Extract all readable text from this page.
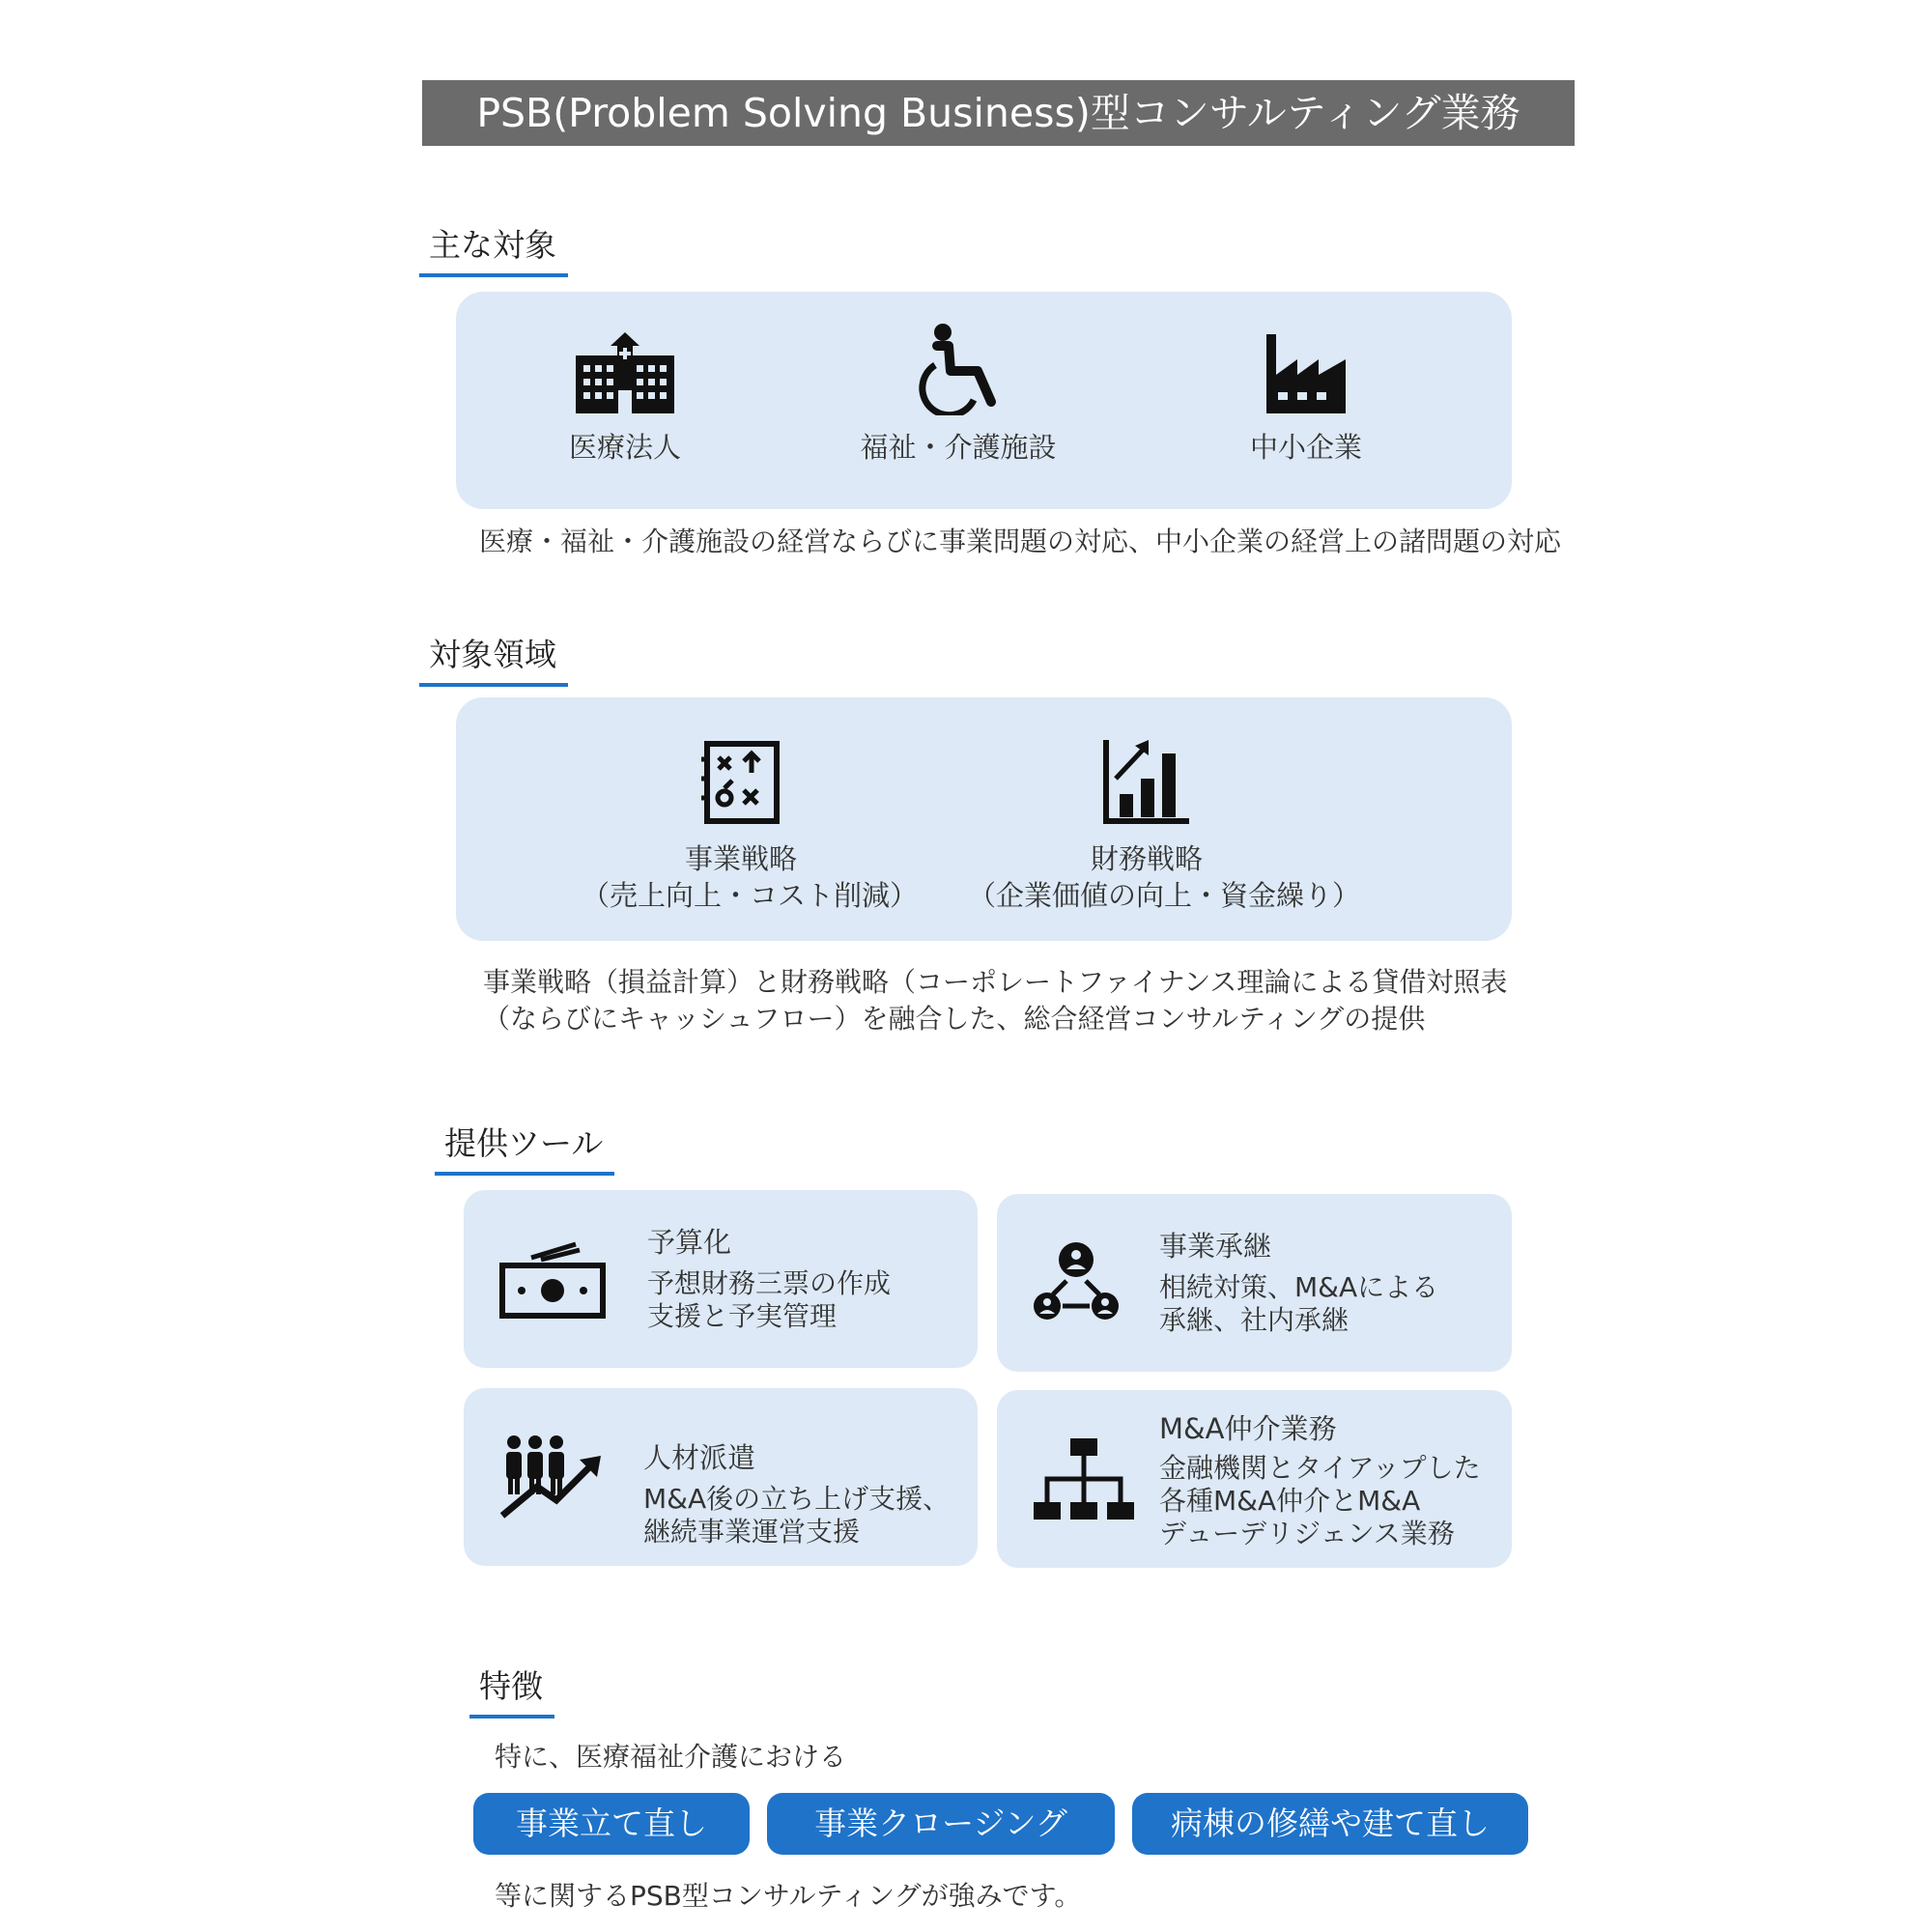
PSB(Problem Solving Business)型コンサルティング業務
主な対象
医療法人	福祉・介護施設	中小企業
医療・福祉・介護施設の経営ならびに事業問題の対応、中小企業の経営上の諸問題の対応
対象領域
事業戦略
（売上向上・コスト削減）
財務戦略
（企業価値の向上・資金繰り）
事業戦略（損益計算）と財務戦略（コーポレートファイナンス理論による貸借対照表
（ならびにキャッシュフロー）を融合した、総合経営コンサルティングの提供
提供ツール
予算化
予想財務三票の作成
支援と予実管理
事業承継
相続対策、M&Aによる
承継、社内承継
人材派遣
M&A後の立ち上げ支援、
継続事業運営支援
M&A仲介業務
金融機関とタイアップした
各種M&A仲介とM&A
デューデリジェンス業務
特徴
特に、医療福祉介護における
事業立て直し	事業クロージング	病棟の修繕や建て直し
等に関するPSB型コンサルティングが強みです。
